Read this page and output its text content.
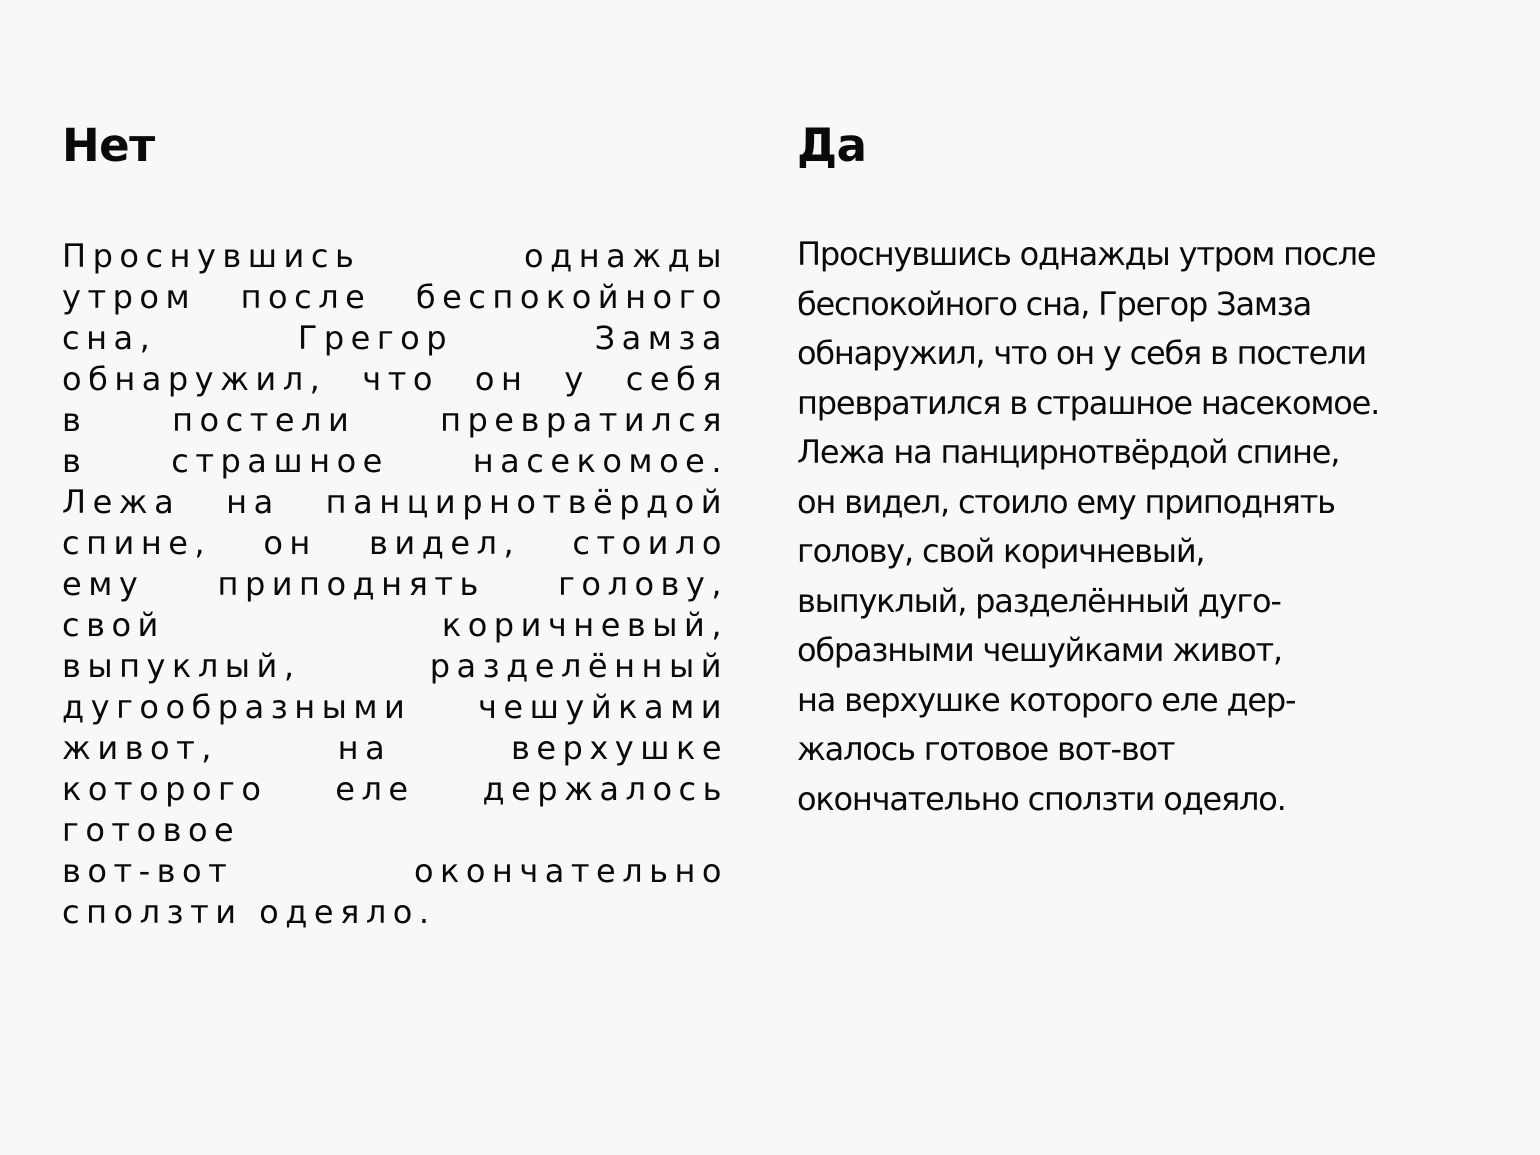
Нет
Проснувшись	однажды
утром после беспокойного
сна,	Грегор	Замза
обнаружил, что он у себя
в	постели	превратился
в	страшное	насекомое.
Лежа на панцирнотвёрдой
спине, он видел, стоило
ему приподнять голову,
свой	коричневый,
выпуклый,	разделённый
дугообразными чешуйками
живот,	на	верхушке
которого еле держалось
готовое
вот-вот	окончательно
сползти одеяло.
Да
Проснувшись однажды утром после
беспокойного сна, Грегор Замза
обнаружил, что он у себя в постели
превратился в страшное насекомое.
Лежа на панцирнотвёрдой спине,
он видел, стоило ему приподнять
голову, свой коричневый,
выпуклый, разделённый дуго-
образными чешуйками живот,
на верхушке которого еле дер-
жалось готовое вот-вот
окончательно сползти одеяло.
